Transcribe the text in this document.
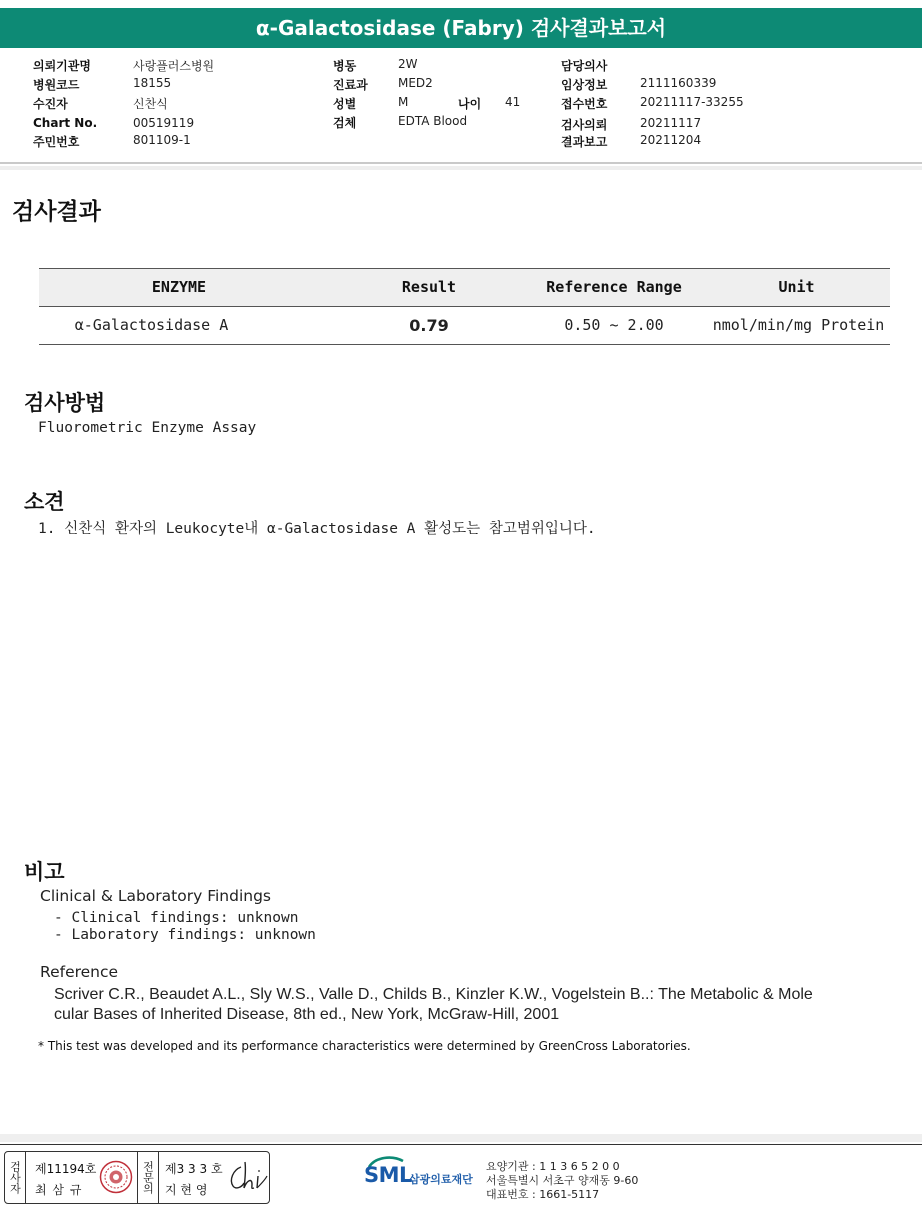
α-Galactosidase (Fabry) 검사결과보고서
의뢰기관명	사랑플러스병원
병원코드	18155
수진자	신찬식
Chart No.	00519119
주민번호	801109-1
병동	2W
진료과	MED2
성별	M	나이 41
검체	EDTA Blood
담당의사
임상정보	2111160339
접수번호	20211117-33255
검사의뢰	20211117
결과보고	20211204
검사결과
ENZYME	Result	Reference Range	Unit
α-Galactosidase A	0.79	0.50 ~ 2.00	nmol/min/mg Protein
검사방법
Fluorometric Enzyme Assay
소견
1. 신찬식 환자의 Leukocyte내 α-Galactosidase A 활성도는 참고범위입니다.
비고
Clinical & Laboratory Findings
- Clinical findings: unknown
- Laboratory findings: unknown
Reference
Scriver C.R., Beaudet A.L., Sly W.S., Valle D., Childs B., Kinzler K.W., Vogelstein B..: The Metabolic & Mole
cular Bases of Inherited Disease, 8th ed., New York, McGraw-Hill, 2001
* This test was developed and its performance characteristics were determined by GreenCross Laboratories.
검사자 제11194호
최 삼 규	전문의 제3 3 3 호
지 현 영
SML
삼광의료재단
요양기관 : 1 1 3 6 5 2 0 0
서울특별시 서초구 양재동 9-60
대표번호 : 1661-5117
